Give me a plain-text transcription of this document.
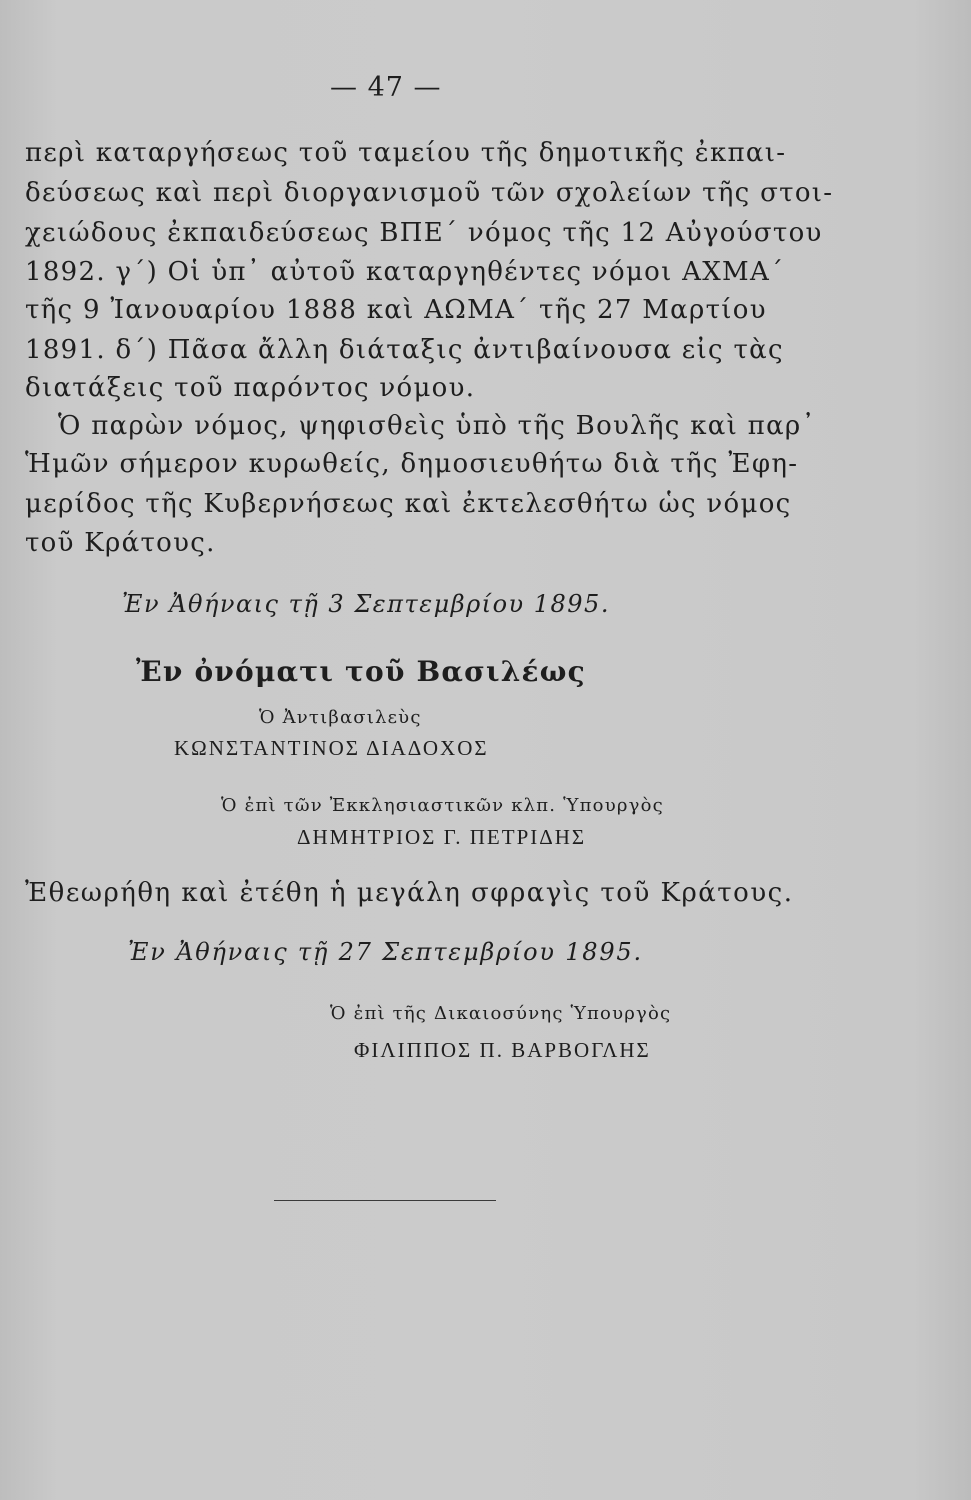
— 47 —
περὶ καταργήσεως τοῦ ταμείου τῆς δημοτικῆς ἐκπαι-
δεύσεως καὶ περὶ διοργανισμοῦ τῶν σχολείων τῆς στοι-
χειώδους ἐκπαιδεύσεως ΒΠΕ΄ νόμος τῆς 12 Αὐγούστου
1892. γ΄) Οἱ ὑπ᾽ αὐτοῦ καταργηθέντες νόμοι ΑΧΜΑ΄
τῆς 9 Ἰανουαρίου 1888 καὶ ΑΩΜΑ΄ τῆς 27 Μαρτίου
1891. δ΄) Πᾶσα ἄλλη διάταξις ἀντιβαίνουσα εἰς τὰς
διατάξεις τοῦ παρόντος νόμου.
Ὁ παρὼν νόμος, ψηφισθεὶς ὑπὸ τῆς Βουλῆς καὶ παρ᾽
Ἡμῶν σήμερον κυρωθείς, δημοσιευθήτω διὰ τῆς Ἐφη-
μερίδος τῆς Κυβερνήσεως καὶ ἐκτελεσθήτω ὡς νόμος
τοῦ Κράτους.
Ἐν Ἀθήναις τῇ 3 Σεπτεμβρίου 1895.
Ἐν ὀνόματι τοῦ Βασιλέως
Ὁ Ἀντιβασιλεὺς
ΚΩΝΣΤΑΝΤΙΝΟΣ ΔΙΑΔΟΧΟΣ
Ὁ ἐπὶ τῶν Ἐκκλησιαστικῶν κλπ. Ὑπουργὸς
ΔΗΜΗΤΡΙΟΣ Γ. ΠΕΤΡΙΔΗΣ
Ἐθεωρήθη καὶ ἐτέθη ἡ μεγάλη σφραγὶς τοῦ Κράτους.
Ἐν Ἀθήναις τῇ 27 Σεπτεμβρίου 1895.
Ὁ ἐπὶ τῆς Δικαιοσύνης Ὑπουργὸς
ΦΙΛΙΠΠΟΣ Π. ΒΑΡΒΟΓΛΗΣ
